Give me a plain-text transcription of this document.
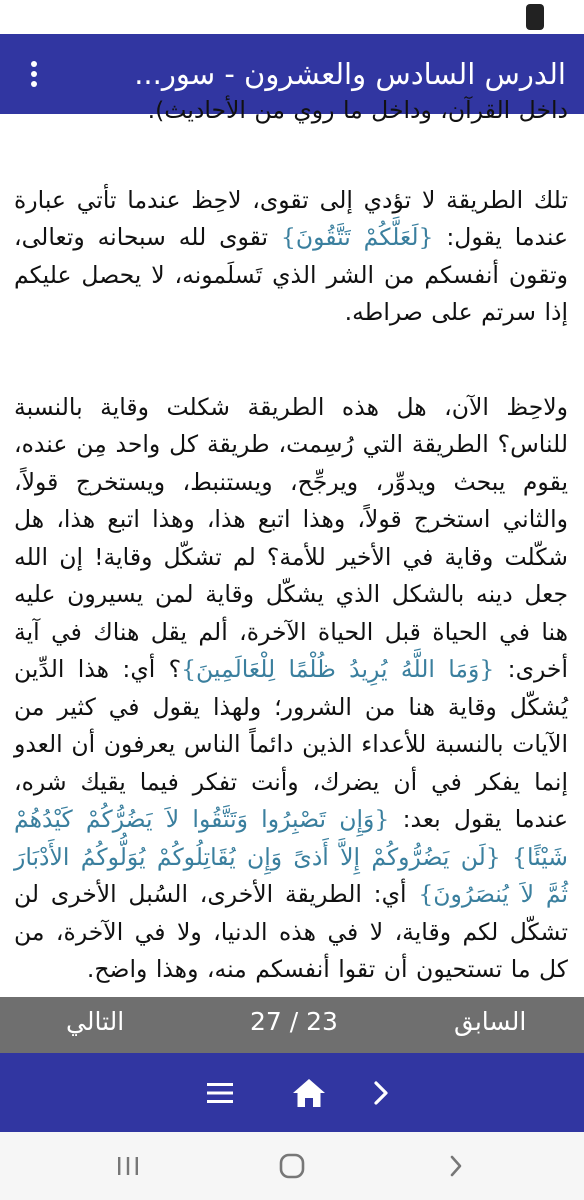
الدرس السادس والعشرون - سور...

داخل القرآن، وداخل ما روي من الأحاديث).

تلك الطريقة لا تؤدي إلى تقوى، لاحِظ عندما تأتي عبارة عندما يقول: {لَعَلَّكُمْ تَتَّقُونَ} تقوى لله سبحانه وتعالى، وتقون أنفسكم من الشر الذي تَسلَمونه، لا يحصل عليكم إذا سرتم على صراطه.

ولاحِظ الآن، هل هذه الطريقة شكلت وقاية بالنسبة للناس؟ الطريقة التي رُسِمت، طريقة كل واحد مِن عنده، يقوم يبحث ويدوِّر، ويرجِّح، ويستنبط، ويستخرج قولاً، والثاني استخرج قولاً، وهذا اتبع هذا، وهذا اتبع هذا، هل شكّلت وقاية في الأخير للأمة؟ لم تشكّل وقاية! إن الله جعل دينه بالشكل الذي يشكّل وقاية لمن يسيرون عليه هنا في الحياة قبل الحياة الآخرة، ألم يقل هناك في آية أخرى: {وَمَا اللَّهُ يُرِيدُ ظُلْمًا لِلْعَالَمِينَ}؟ أي: هذا الدِّين يُشكّل وقاية هنا من الشرور؛ ولهذا يقول في كثير من الآيات بالنسبة للأعداء الذين دائماً الناس يعرفون أن العدو إنما يفكر في أن يضرك، وأنت تفكر فيما يقيك شره، عندما يقول بعد: {وَإِن تَصْبِرُوا وَتَتَّقُوا لاَ يَضُرُّكُمْ كَيْدُهُمْ شَيْئًا} {لَن يَضُرُّوكُمْ إِلاَّ أَذىً وَإِن يُقَاتِلُوكُمْ يُوَلُّوكُمُ الأَدْبَارَ ثُمَّ لاَ يُنصَرُونَ} أي: الطريقة الأخرى، السُبل الأخرى لن تشكّل لكم وقاية، لا في هذه الدنيا، ولا في الآخرة، من كل ما تستحيون أن تقوا أنفسكم منه، وهذا واضح.

التالي	27 / 23	السابق
